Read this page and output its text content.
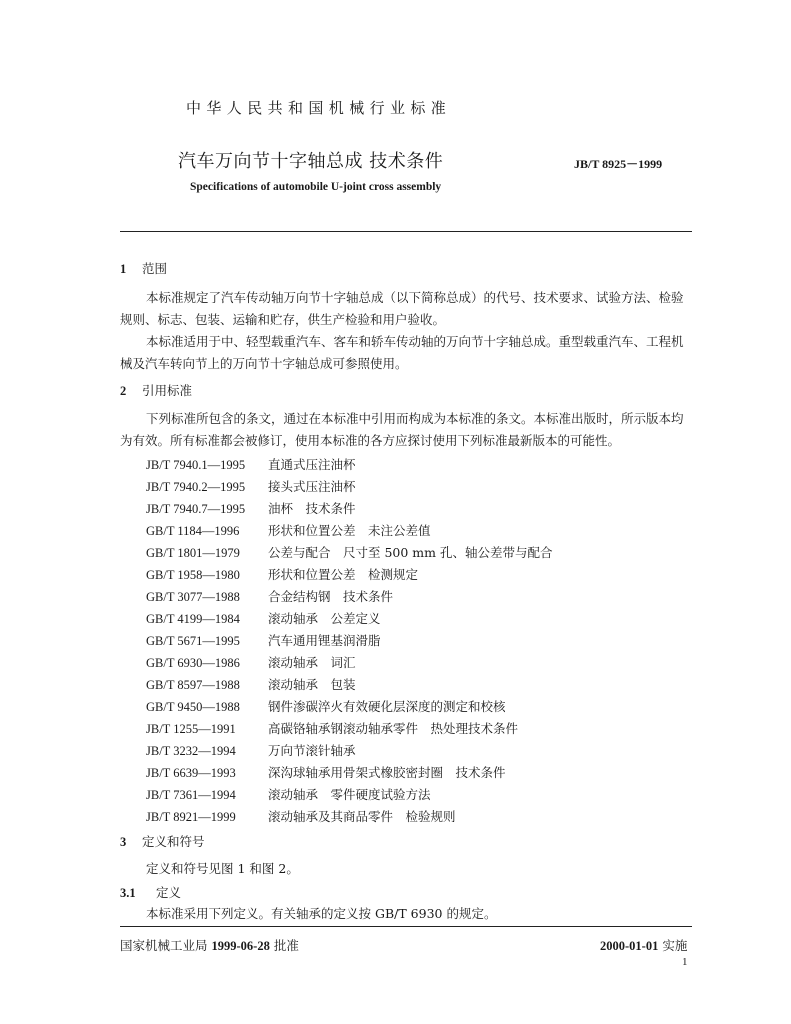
中华人民共和国机械行业标准
汽车万向节十字轴总成 技术条件	JB/T 8925－1999
Specifications of automobile U-joint cross assembly
1 范围
本标准规定了汽车传动轴万向节十字轴总成（以下简称总成）的代号、技术要求、试验方法、检验规则、标志、包装、运输和贮存，供生产检验和用户验收。
本标准适用于中、轻型载重汽车、客车和轿车传动轴的万向节十字轴总成。重型载重汽车、工程机械及汽车转向节上的万向节十字轴总成可参照使用。
2 引用标准
下列标准所包含的条文，通过在本标准中引用而构成为本标准的条文。本标准出版时，所示版本均为有效。所有标准都会被修订，使用本标准的各方应探讨使用下列标准最新版本的可能性。
JB/T 7940.1—1995 直通式压注油杯
JB/T 7940.2—1995 接头式压注油杯
JB/T 7940.7—1995 油杯　技术条件
GB/T 1184—1996 形状和位置公差　未注公差值
GB/T 1801—1979 公差与配合　尺寸至 500 mm 孔、轴公差带与配合
GB/T 1958—1980 形状和位置公差　检测规定
GB/T 3077—1988 合金结构钢　技术条件
GB/T 4199—1984 滚动轴承　公差定义
GB/T 5671—1995 汽车通用锂基润滑脂
GB/T 6930—1986 滚动轴承　词汇
GB/T 8597—1988 滚动轴承　包装
GB/T 9450—1988 钢件渗碳淬火有效硬化层深度的测定和校核
JB/T 1255—1991	高碳铬轴承钢滚动轴承零件　热处理技术条件
JB/T 3232—1994	万向节滚针轴承
JB/T 6639—1993	深沟球轴承用骨架式橡胶密封圈　技术条件
JB/T 7361—1994	滚动轴承　零件硬度试验方法
JB/T 8921—1999	滚动轴承及其商品零件　检验规则
3 定义和符号
定义和符号见图 1 和图 2。
3.1 定义
本标准采用下列定义。有关轴承的定义按 GB/T 6930 的规定。
国家机械工业局 1999-06-28 批准	2000-01-01 实施
1
